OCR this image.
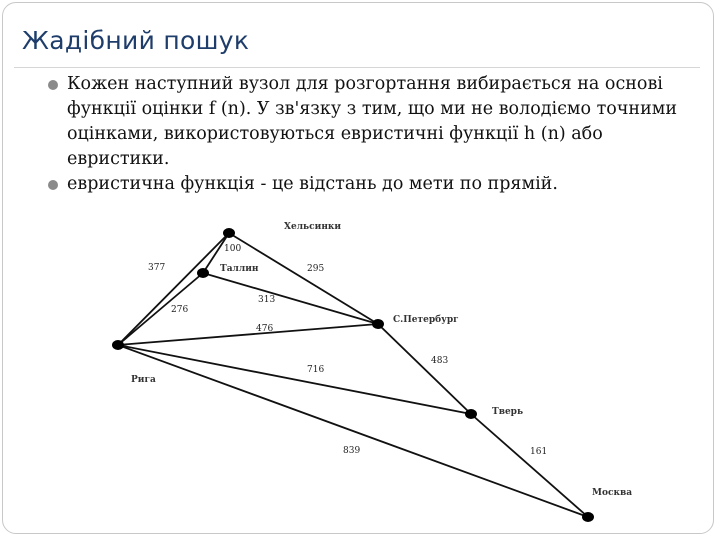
Жадібний пошук
Кожен наступний вузол для розгортання вибирається на основі функції оцінки f (n). У зв'язку з тим, що ми не володіємо точними оцінками, використовуються евристичні функції h (n) або евристики.
евристична функція - це відстань до мети по прямій.
100
377	295
313
276
476
716
839
483
161
Хельсинки
Таллин
С.Петербург
Рига
Тверь
Москва
